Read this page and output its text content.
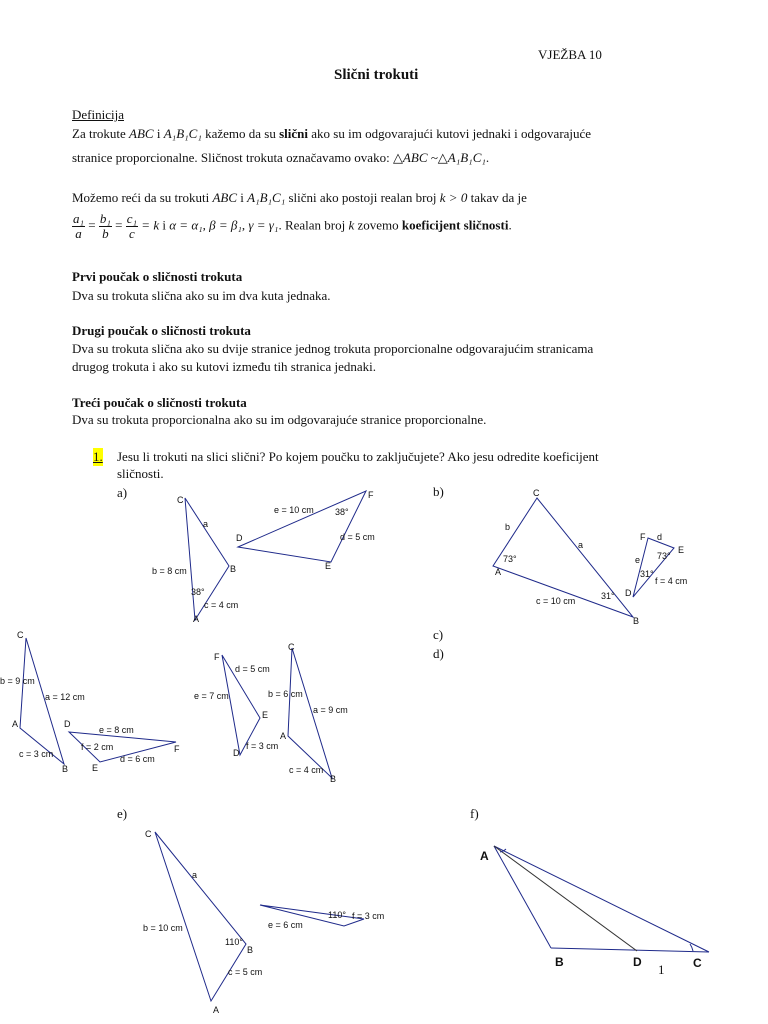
VJEŽBA 10
Slični trokuti
Definicija
Za trokute ABC i A₁B₁C₁ kažemo da su slični ako su im odgovarajući kutovi jednaki i odgovarajuće
stranice proporcionalne. Sličnost trokuta označavamo ovako: △ABC ~△A₁B₁C₁.
Možemo reći da su trokuti ABC i A₁B₁C₁ slični ako postoji realan broj k > 0 takav da je
$\frac{\text{a₁}}{a} = \frac{\text{b₁}}{b} = \frac{\text{c₁}}{c} = k$ i α = α₁, β = β₁, γ = γ₁. Realan broj k zovemo koeficijent sličnosti.
Prvi poučak o sličnosti trokuta
Dva su trokuta slična ako su im dva kuta jednaka.
Drugi poučak o sličnosti trokuta
Dva su trokuta slična ako su dvije stranice jednog trokuta proporcionalne odgovarajućim stranicama
drugog trokuta i ako su kutovi između tih stranica jednaki.
Treći poučak o sličnosti trokuta
Dva su trokuta proporcionalna ako su im odgovarajuće stranice proporcionalne.
1. Jesu li trokuti na slici slični? Po kojem poučku to zaključujete? Ako jesu odredite koeficijent
sličnosti.
a)	b)
c)
d)
e)	f)
C
a
B
b = 8 cm
38°
c = 4 cm
A
D
e = 10 cm 38°
F
d = 5 cm
E
C
b
a
73°
A
31°
c = 10 cm
B
F d
E
e 73°
31°
f = 4 cm
D
C
b = 9 cm
a = 12 cm
A
c = 3 cm
B
D
e = 8 cm
F
f = 2 cm
d = 6 cm
E
F
d = 5 cm
e = 7 cm
E
f = 3 cm
D
C
b = 6 cm
a = 9 cm
A
c = 4 cm
B
C
a
b = 10 cm
110°
B
c = 5 cm
A
110° f = 3 cm
e = 6 cm
A
B	D	C
1
